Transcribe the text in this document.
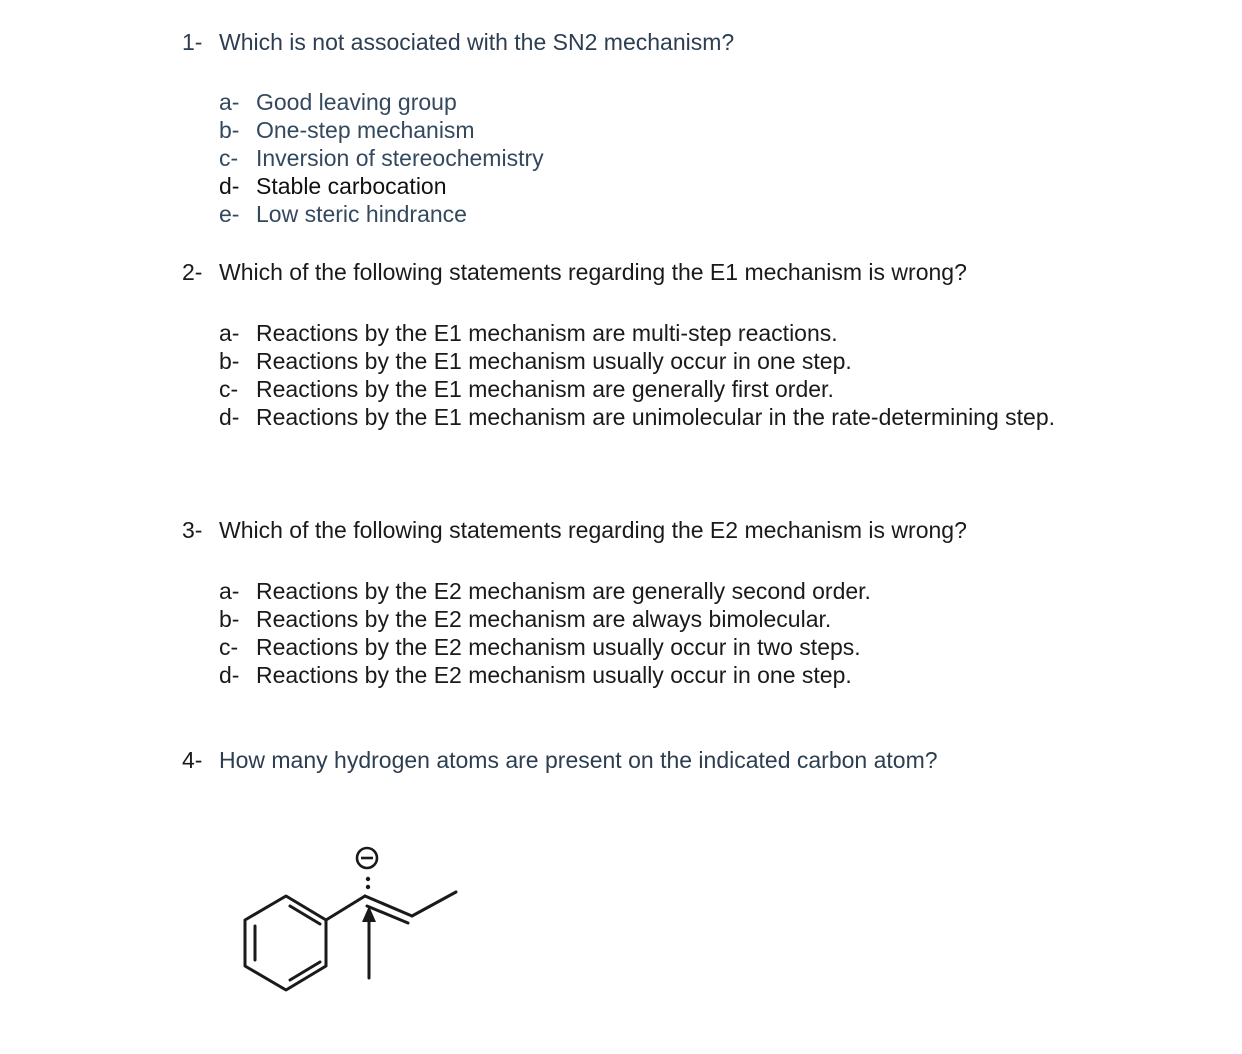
1- Which is not associated with the SN2 mechanism?
a- Good leaving group
b- One-step mechanism
c- Inversion of stereochemistry
d- Stable carbocation
e- Low steric hindrance
2- Which of the following statements regarding the E1 mechanism is wrong?
a- Reactions by the E1 mechanism are multi-step reactions.
b- Reactions by the E1 mechanism usually occur in one step.
c- Reactions by the E1 mechanism are generally first order.
d- Reactions by the E1 mechanism are unimolecular in the rate-determining step.
3- Which of the following statements regarding the E2 mechanism is wrong?
a- Reactions by the E2 mechanism are generally second order.
b- Reactions by the E2 mechanism are always bimolecular.
c- Reactions by the E2 mechanism usually occur in two steps.
d- Reactions by the E2 mechanism usually occur in one step.
4- How many hydrogen atoms are present on the indicated carbon atom?
